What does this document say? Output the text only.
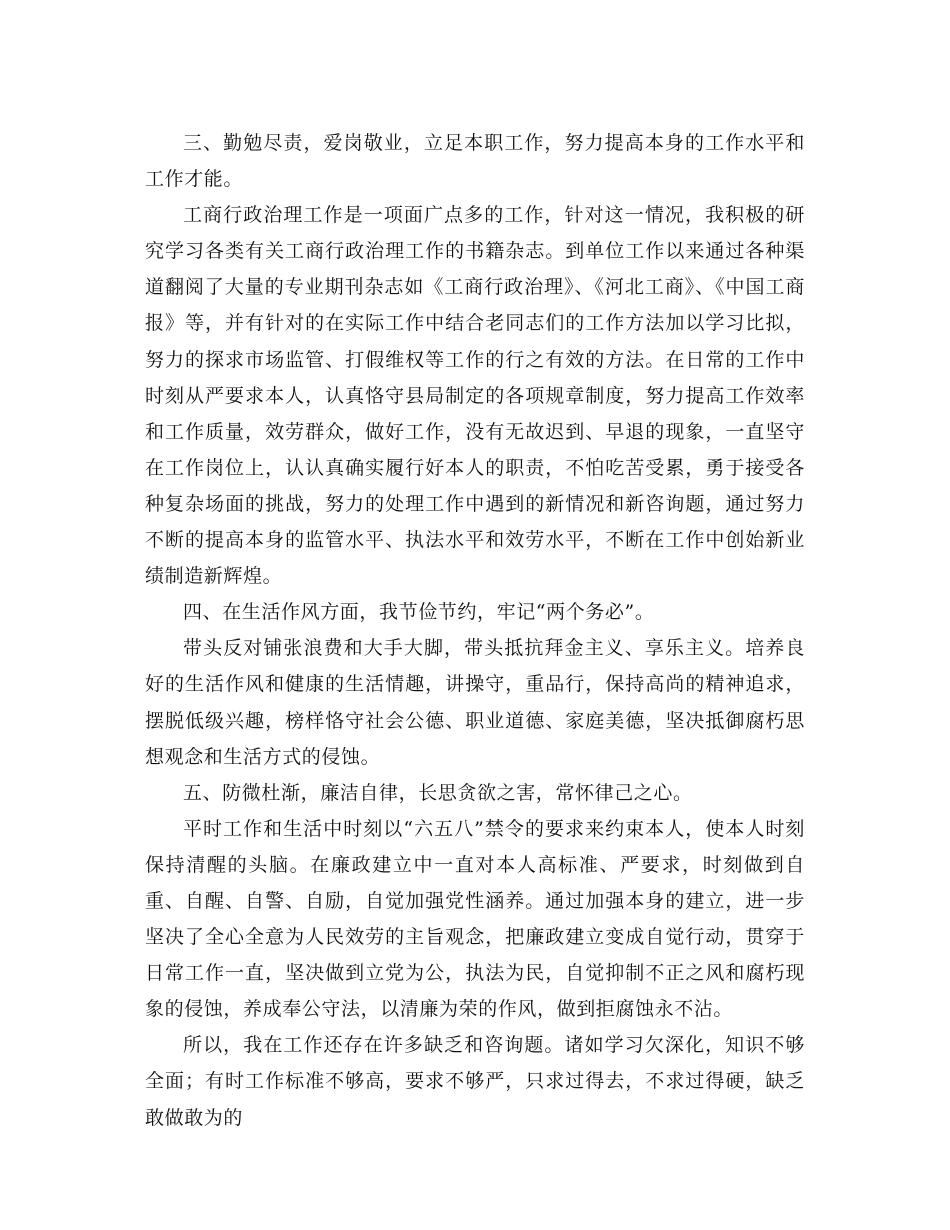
三、勤勉尽责，爱岗敬业，立足本职工作，努力提高本身的工作水平和工作才能。

工商行政治理工作是一项面广点多的工作，针对这一情况，我积极的研究学习各类有关工商行政治理工作的书籍杂志。到单位工作以来通过各种渠道翻阅了大量的专业期刊杂志如《工商行政治理》、《河北工商》、《中国工商报》等，并有针对的在实际工作中结合老同志们的工作方法加以学习比拟，努力的探求市场监管、打假维权等工作的行之有效的方法。在日常的工作中时刻从严要求本人，认真恪守县局制定的各项规章制度，努力提高工作效率和工作质量，效劳群众，做好工作，没有无故迟到、早退的现象，一直坚守在工作岗位上，认认真确实履行好本人的职责，不怕吃苦受累，勇于接受各种复杂场面的挑战，努力的处理工作中遇到的新情况和新咨询题，通过努力不断的提高本身的监管水平、执法水平和效劳水平，不断在工作中创始新业绩制造新辉煌。

四、在生活作风方面，我节俭节约，牢记“两个务必”。

带头反对铺张浪费和大手大脚，带头抵抗拜金主义、享乐主义。培养良好的生活作风和健康的生活情趣，讲操守，重品行，保持高尚的精神追求，摆脱低级兴趣，榜样恪守社会公德、职业道德、家庭美德，坚决抵御腐朽思想观念和生活方式的侵蚀。

五、防微杜渐，廉洁自律，长思贪欲之害，常怀律己之心。

平时工作和生活中时刻以“六五八”禁令的要求来约束本人，使本人时刻保持清醒的头脑。在廉政建立中一直对本人高标准、严要求，时刻做到自重、自醒、自警、自励，自觉加强党性涵养。通过加强本身的建立，进一步坚决了全心全意为人民效劳的主旨观念，把廉政建立变成自觉行动，贯穿于日常工作一直，坚决做到立党为公，执法为民，自觉抑制不正之风和腐朽现象的侵蚀，养成奉公守法，以清廉为荣的作风，做到拒腐蚀永不沾。

所以，我在工作还存在许多缺乏和咨询题。诸如学习欠深化，知识不够全面；有时工作标准不够高，要求不够严，只求过得去，不求过得硬，缺乏敢做敢为的
